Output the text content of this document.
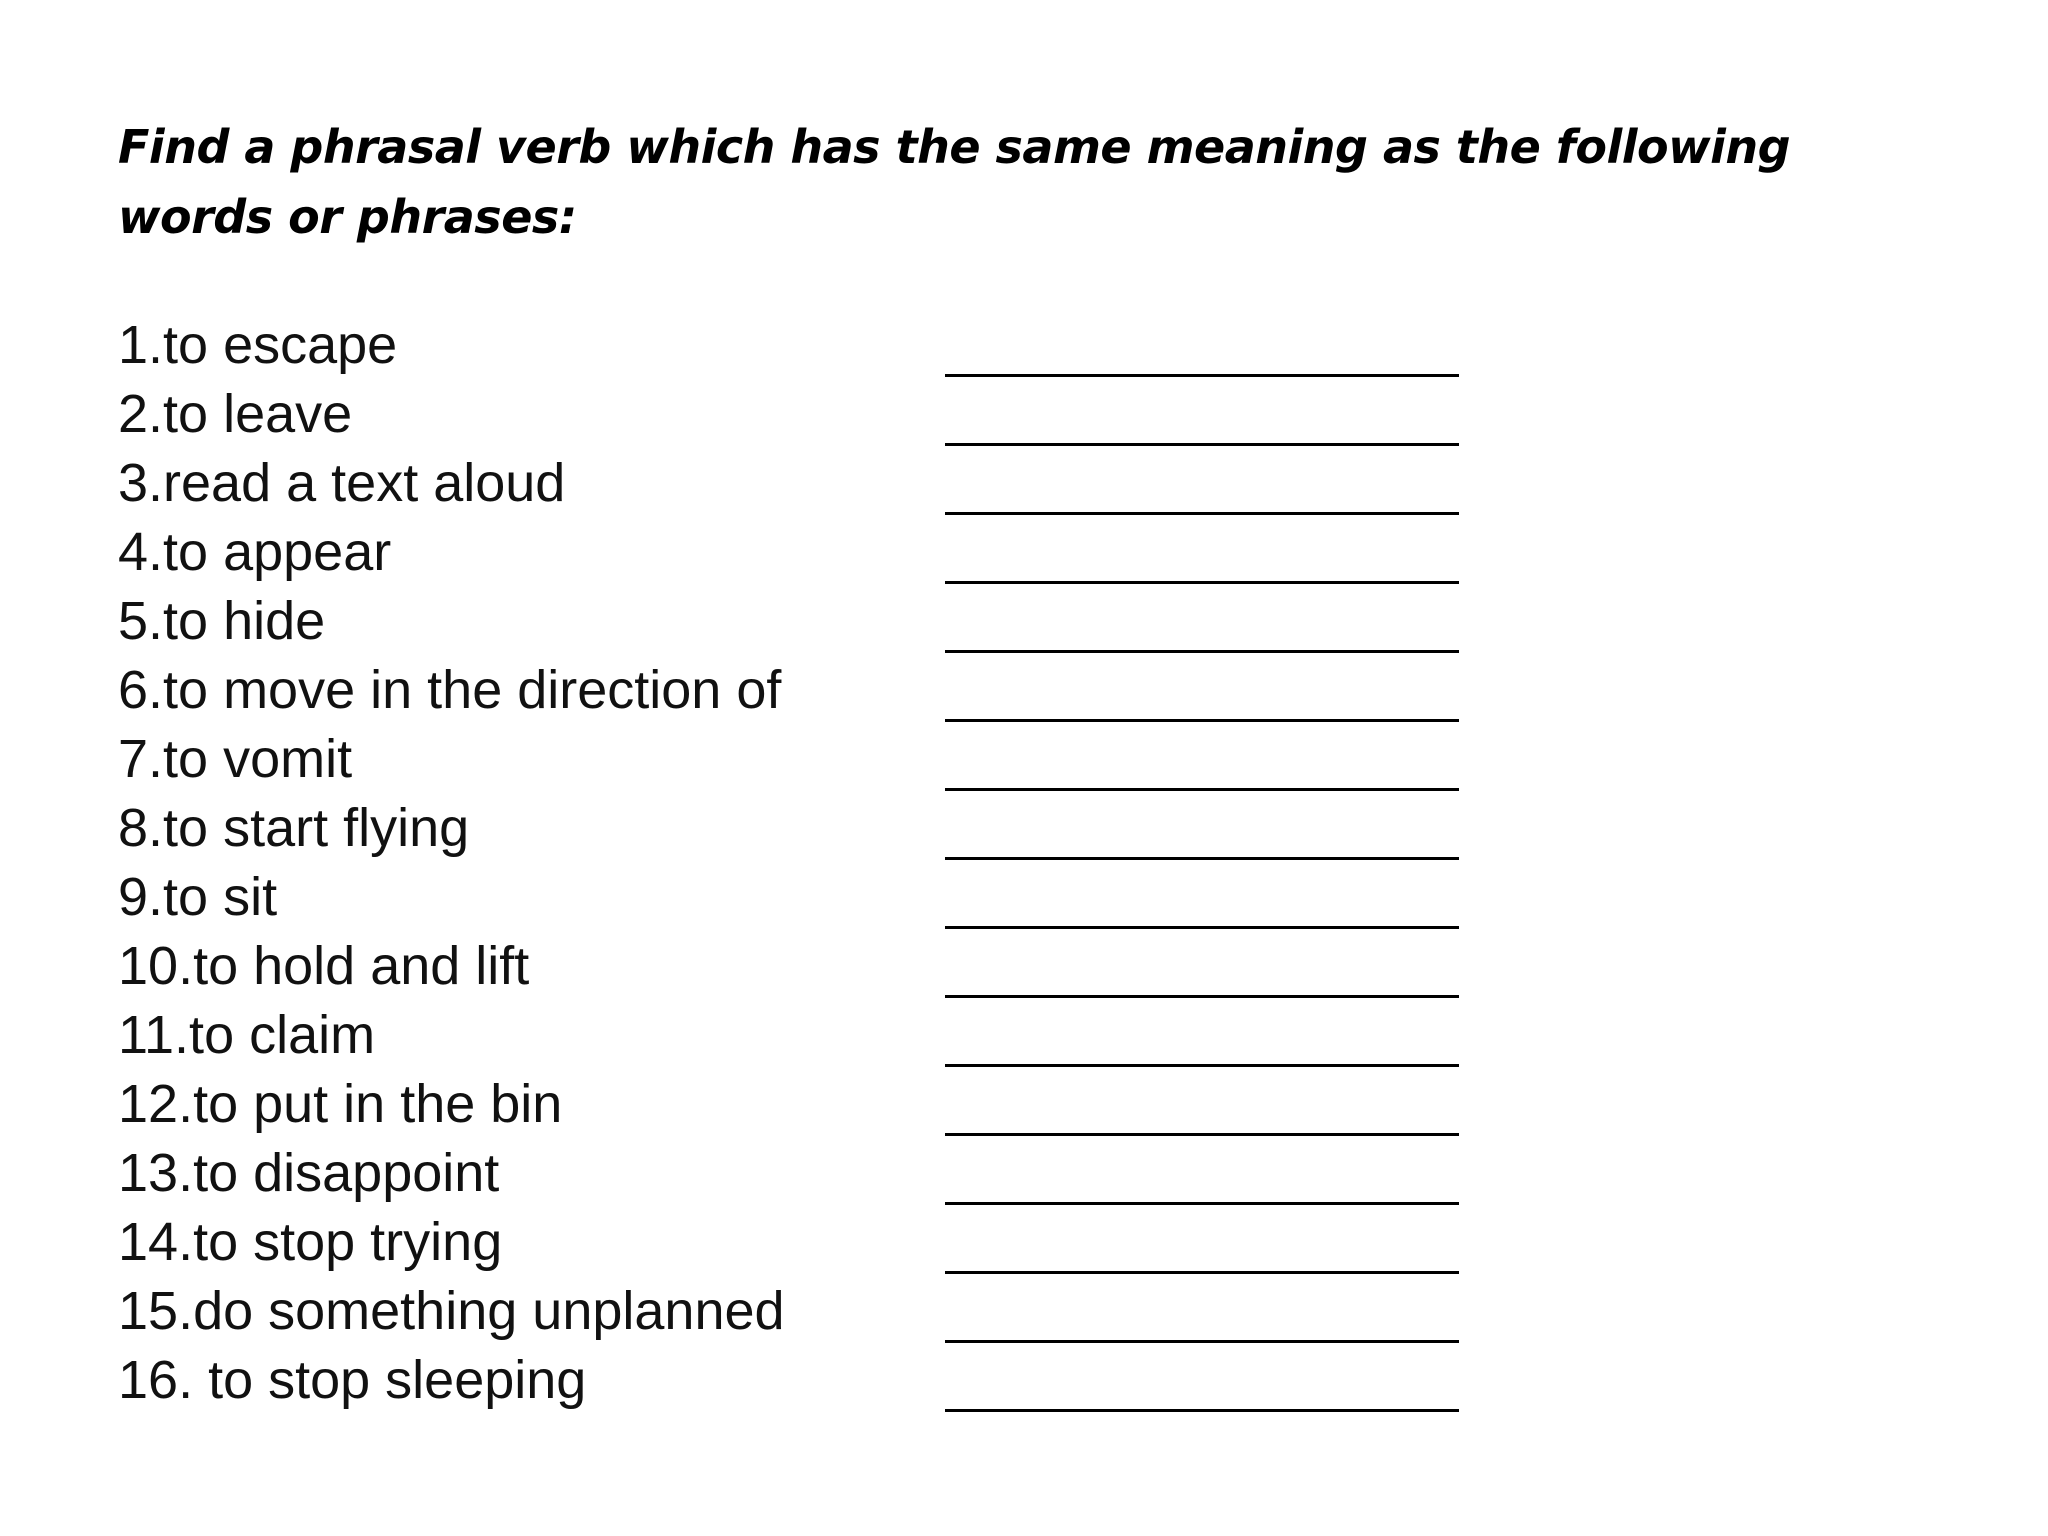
Find a phrasal verb which has the same meaning as the following words or phrases:

1.to escape
2.to leave
3.read a text aloud
4.to appear
5.to hide
6.to move in the direction of
7.to vomit
8.to start flying
9.to sit
10.to hold and lift
11.to claim
12.to put in the bin
13.to disappoint
14.to stop trying
15.do something unplanned
16. to stop sleeping
